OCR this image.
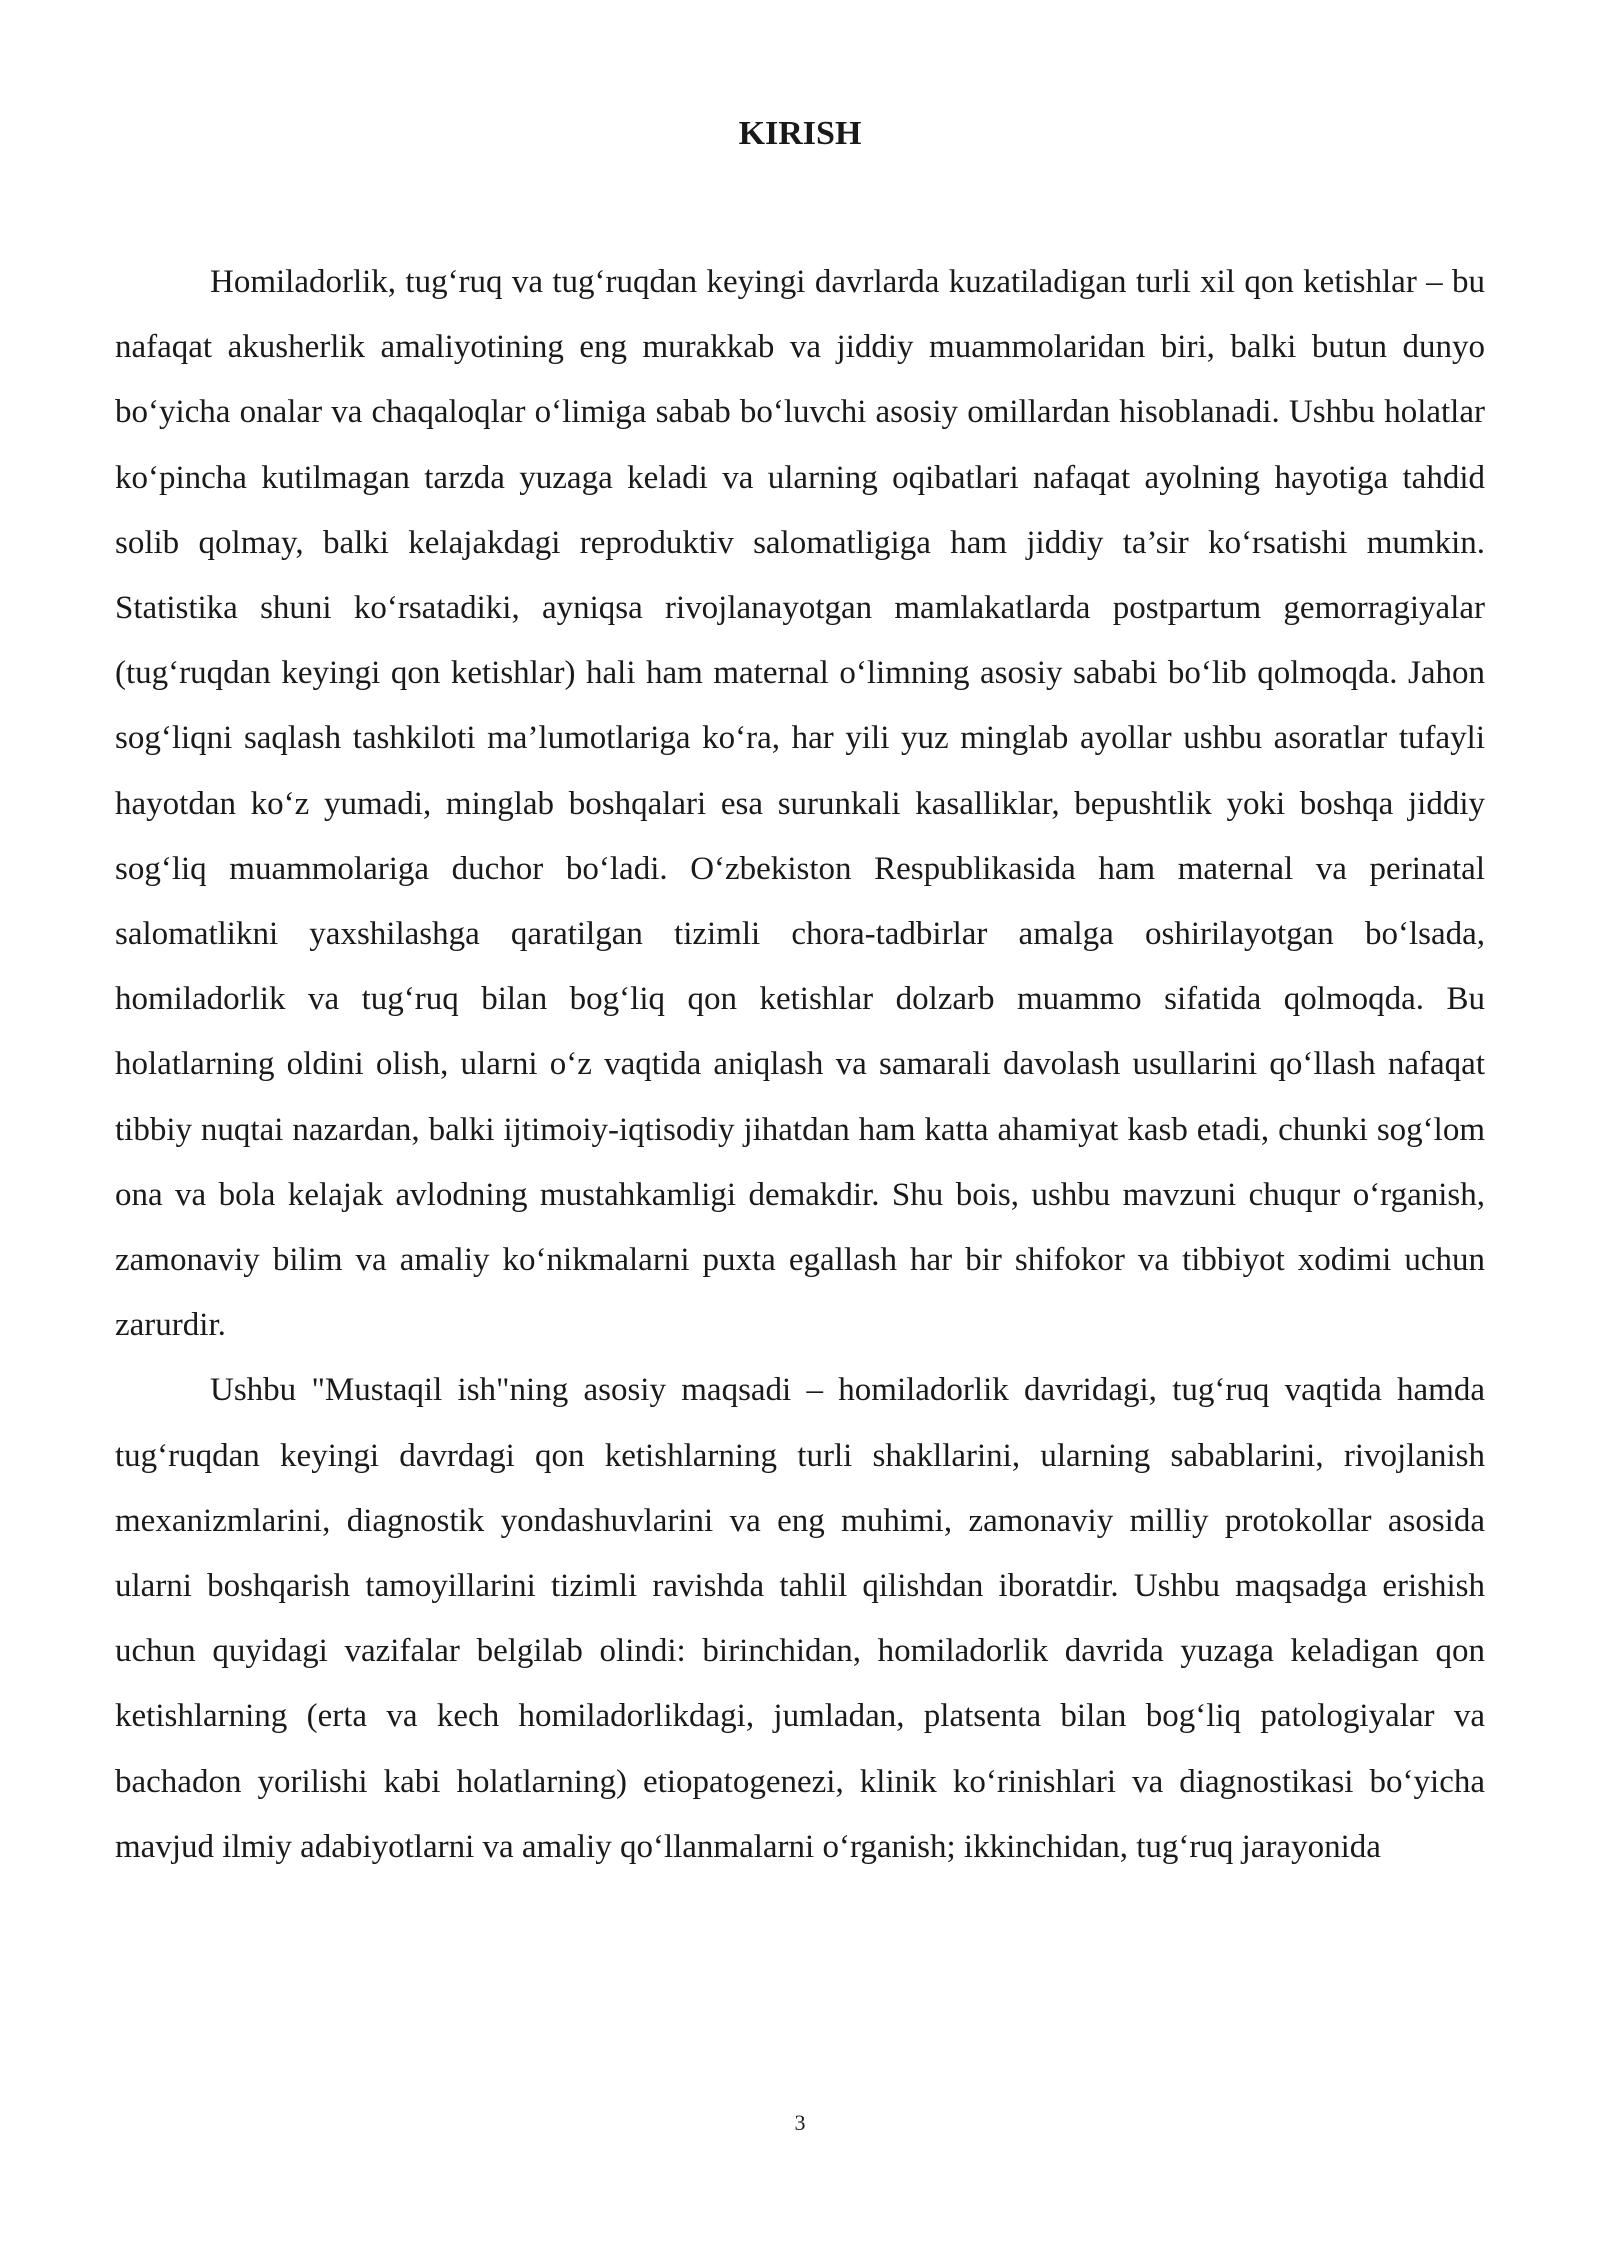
KIRISH

Homiladorlik, tug‘ruq va tug‘ruqdan keyingi davrlarda kuzatiladigan turli xil qon ketishlar – bu nafaqat akusherlik amaliyotining eng murakkab va jiddiy muammolaridan biri, balki butun dunyo bo‘yicha onalar va chaqaloqlar o‘limiga sabab bo‘luvchi asosiy omillardan hisoblanadi. Ushbu holatlar ko‘pincha kutilmagan tarzda yuzaga keladi va ularning oqibatlari nafaqat ayolning hayotiga tahdid solib qolmay, balki kelajakdagi reproduktiv salomatligiga ham jiddiy ta’sir ko‘rsatishi mumkin. Statistika shuni ko‘rsatadiki, ayniqsa rivojlanayotgan mamlakatlarda postpartum gemorragiyalar (tug‘ruqdan keyingi qon ketishlar) hali ham maternal o‘limning asosiy sababi bo‘lib qolmoqda. Jahon sog‘liqni saqlash tashkiloti ma’lumotlariga ko‘ra, har yili yuz minglab ayollar ushbu asoratlar tufayli hayotdan ko‘z yumadi, minglab boshqalari esa surunkali kasalliklar, bepushtlik yoki boshqa jiddiy sog‘liq muammolariga duchor bo‘ladi. O‘zbekiston Respublikasida ham maternal va perinatal salomatlikni yaxshilashga qaratilgan tizimli chora-tadbirlar amalga oshirilayotgan bo‘lsada, homiladorlik va tug‘ruq bilan bog‘liq qon ketishlar dolzarb muammo sifatida qolmoqda. Bu holatlarning oldini olish, ularni o‘z vaqtida aniqlash va samarali davolash usullarini qo‘llash nafaqat tibbiy nuqtai nazardan, balki ijtimoiy-iqtisodiy jihatdan ham katta ahamiyat kasb etadi, chunki sog‘lom ona va bola kelajak avlodning mustahkamligi demakdir. Shu bois, ushbu mavzuni chuqur o‘rganish, zamonaviy bilim va amaliy ko‘nikmalarni puxta egallash har bir shifokor va tibbiyot xodimi uchun zarurdir.

Ushbu "Mustaqil ish"ning asosiy maqsadi – homiladorlik davridagi, tug‘ruq vaqtida hamda tug‘ruqdan keyingi davrdagi qon ketishlarning turli shakllarini, ularning sabablarini, rivojlanish mexanizmlarini, diagnostik yondashuvlarini va eng muhimi, zamonaviy milliy protokollar asosida ularni boshqarish tamoyillarini tizimli ravishda tahlil qilishdan iboratdir. Ushbu maqsadga erishish uchun quyidagi vazifalar belgilab olindi: birinchidan, homiladorlik davrida yuzaga keladigan qon ketishlarning (erta va kech homiladorlikdagi, jumladan, platsenta bilan bog‘liq patologiyalar va bachadon yorilishi kabi holatlarning) etiopatogenezi, klinik ko‘rinishlari va diagnostikasi bo‘yicha mavjud ilmiy adabiyotlarni va amaliy qo‘llanmalarni o‘rganish; ikkinchidan, tug‘ruq jarayonida

3
